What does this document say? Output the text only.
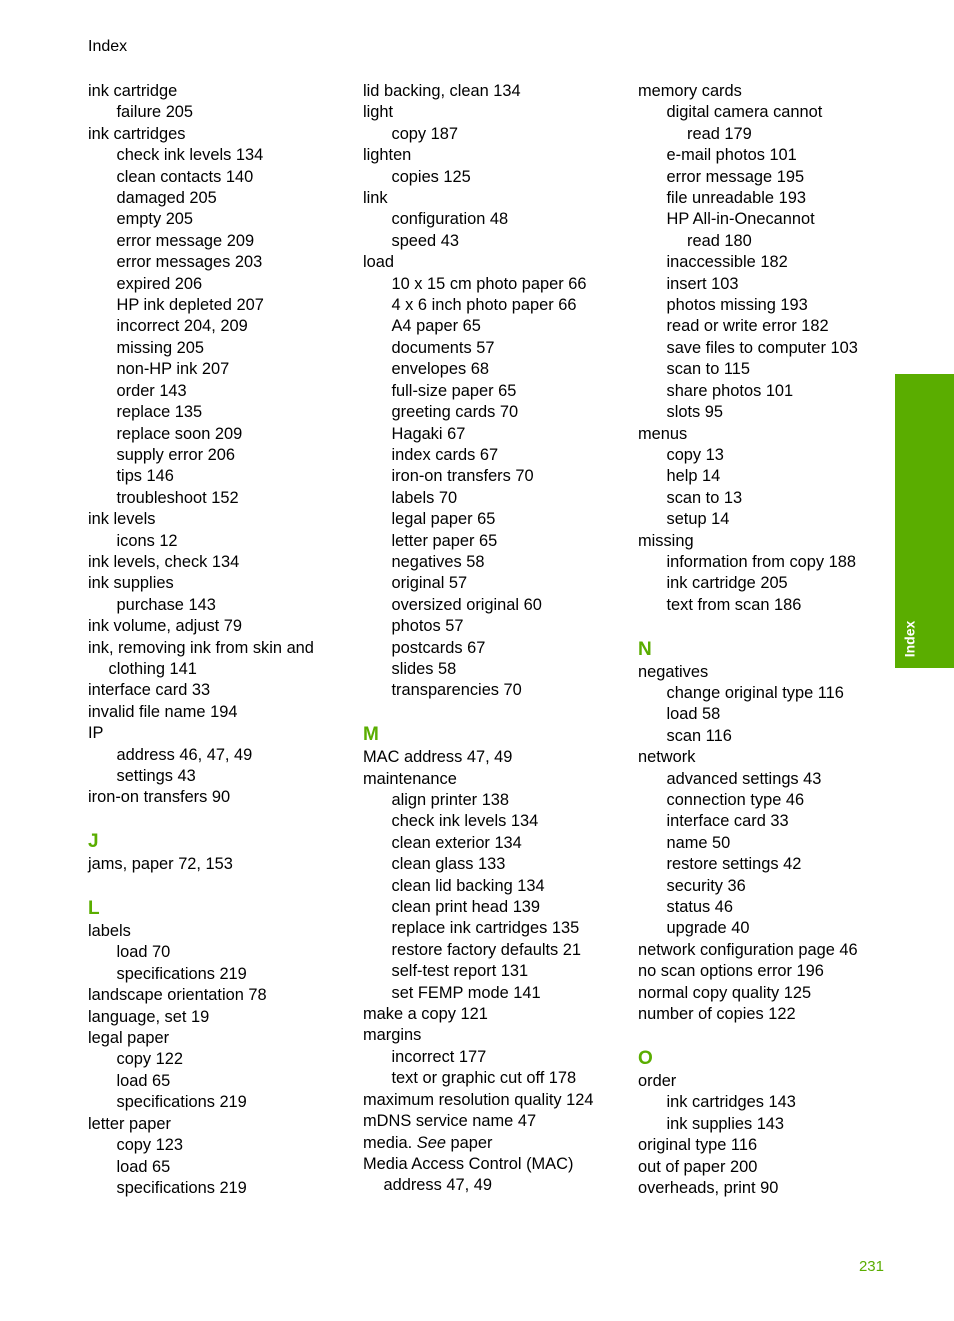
Index
ink cartridge
failure 205
ink cartridges
check ink levels 134
clean contacts 140
damaged 205
empty 205
error message 209
error messages 203
expired 206
HP ink depleted 207
incorrect 204, 209
missing 205
non-HP ink 207
order 143
replace 135
replace soon 209
supply error 206
tips 146
troubleshoot 152
ink levels
icons 12
ink levels, check 134
ink supplies
purchase 143
ink volume, adjust 79
ink, removing ink from skin and
clothing 141
interface card 33
invalid file name 194
IP
address 46, 47, 49
settings 43
iron-on transfers 90
J
jams, paper 72, 153
L
labels
load 70
specifications 219
landscape orientation 78
language, set 19
legal paper
copy 122
load 65
specifications 219
letter paper
copy 123
load 65
specifications 219
lid backing, clean 134
light
copy 187
lighten
copies 125
link
configuration 48
speed 43
load
10 x 15 cm photo paper 66
4 x 6 inch photo paper 66
A4 paper 65
documents 57
envelopes 68
full-size paper 65
greeting cards 70
Hagaki 67
index cards 67
iron-on transfers 70
labels 70
legal paper 65
letter paper 65
negatives 58
original 57
oversized original 60
photos 57
postcards 67
slides 58
transparencies 70
M
MAC address 47, 49
maintenance
align printer 138
check ink levels 134
clean exterior 134
clean glass 133
clean lid backing 134
clean print head 139
replace ink cartridges 135
restore factory defaults 21
self-test report 131
set FEMP mode 141
make a copy 121
margins
incorrect 177
text or graphic cut off 178
maximum resolution quality 124
mDNS service name 47
media. See paper
Media Access Control (MAC)
address 47, 49
memory cards
digital camera cannot
read 179
e-mail photos 101
error message 195
file unreadable 193
HP All-in-Onecannot
read 180
inaccessible 182
insert 103
photos missing 193
read or write error 182
save files to computer 103
scan to 115
share photos 101
slots 95
menus
copy 13
help 14
scan to 13
setup 14
missing
information from copy 188
ink cartridge 205
text from scan 186
N
negatives
change original type 116
load 58
scan 116
network
advanced settings 43
connection type 46
interface card 33
name 50
restore settings 42
security 36
status 46
upgrade 40
network configuration page 46
no scan options error 196
normal copy quality 125
number of copies 122
O
order
ink cartridges 143
ink supplies 143
original type 116
out of paper 200
overheads, print 90
Index
231
